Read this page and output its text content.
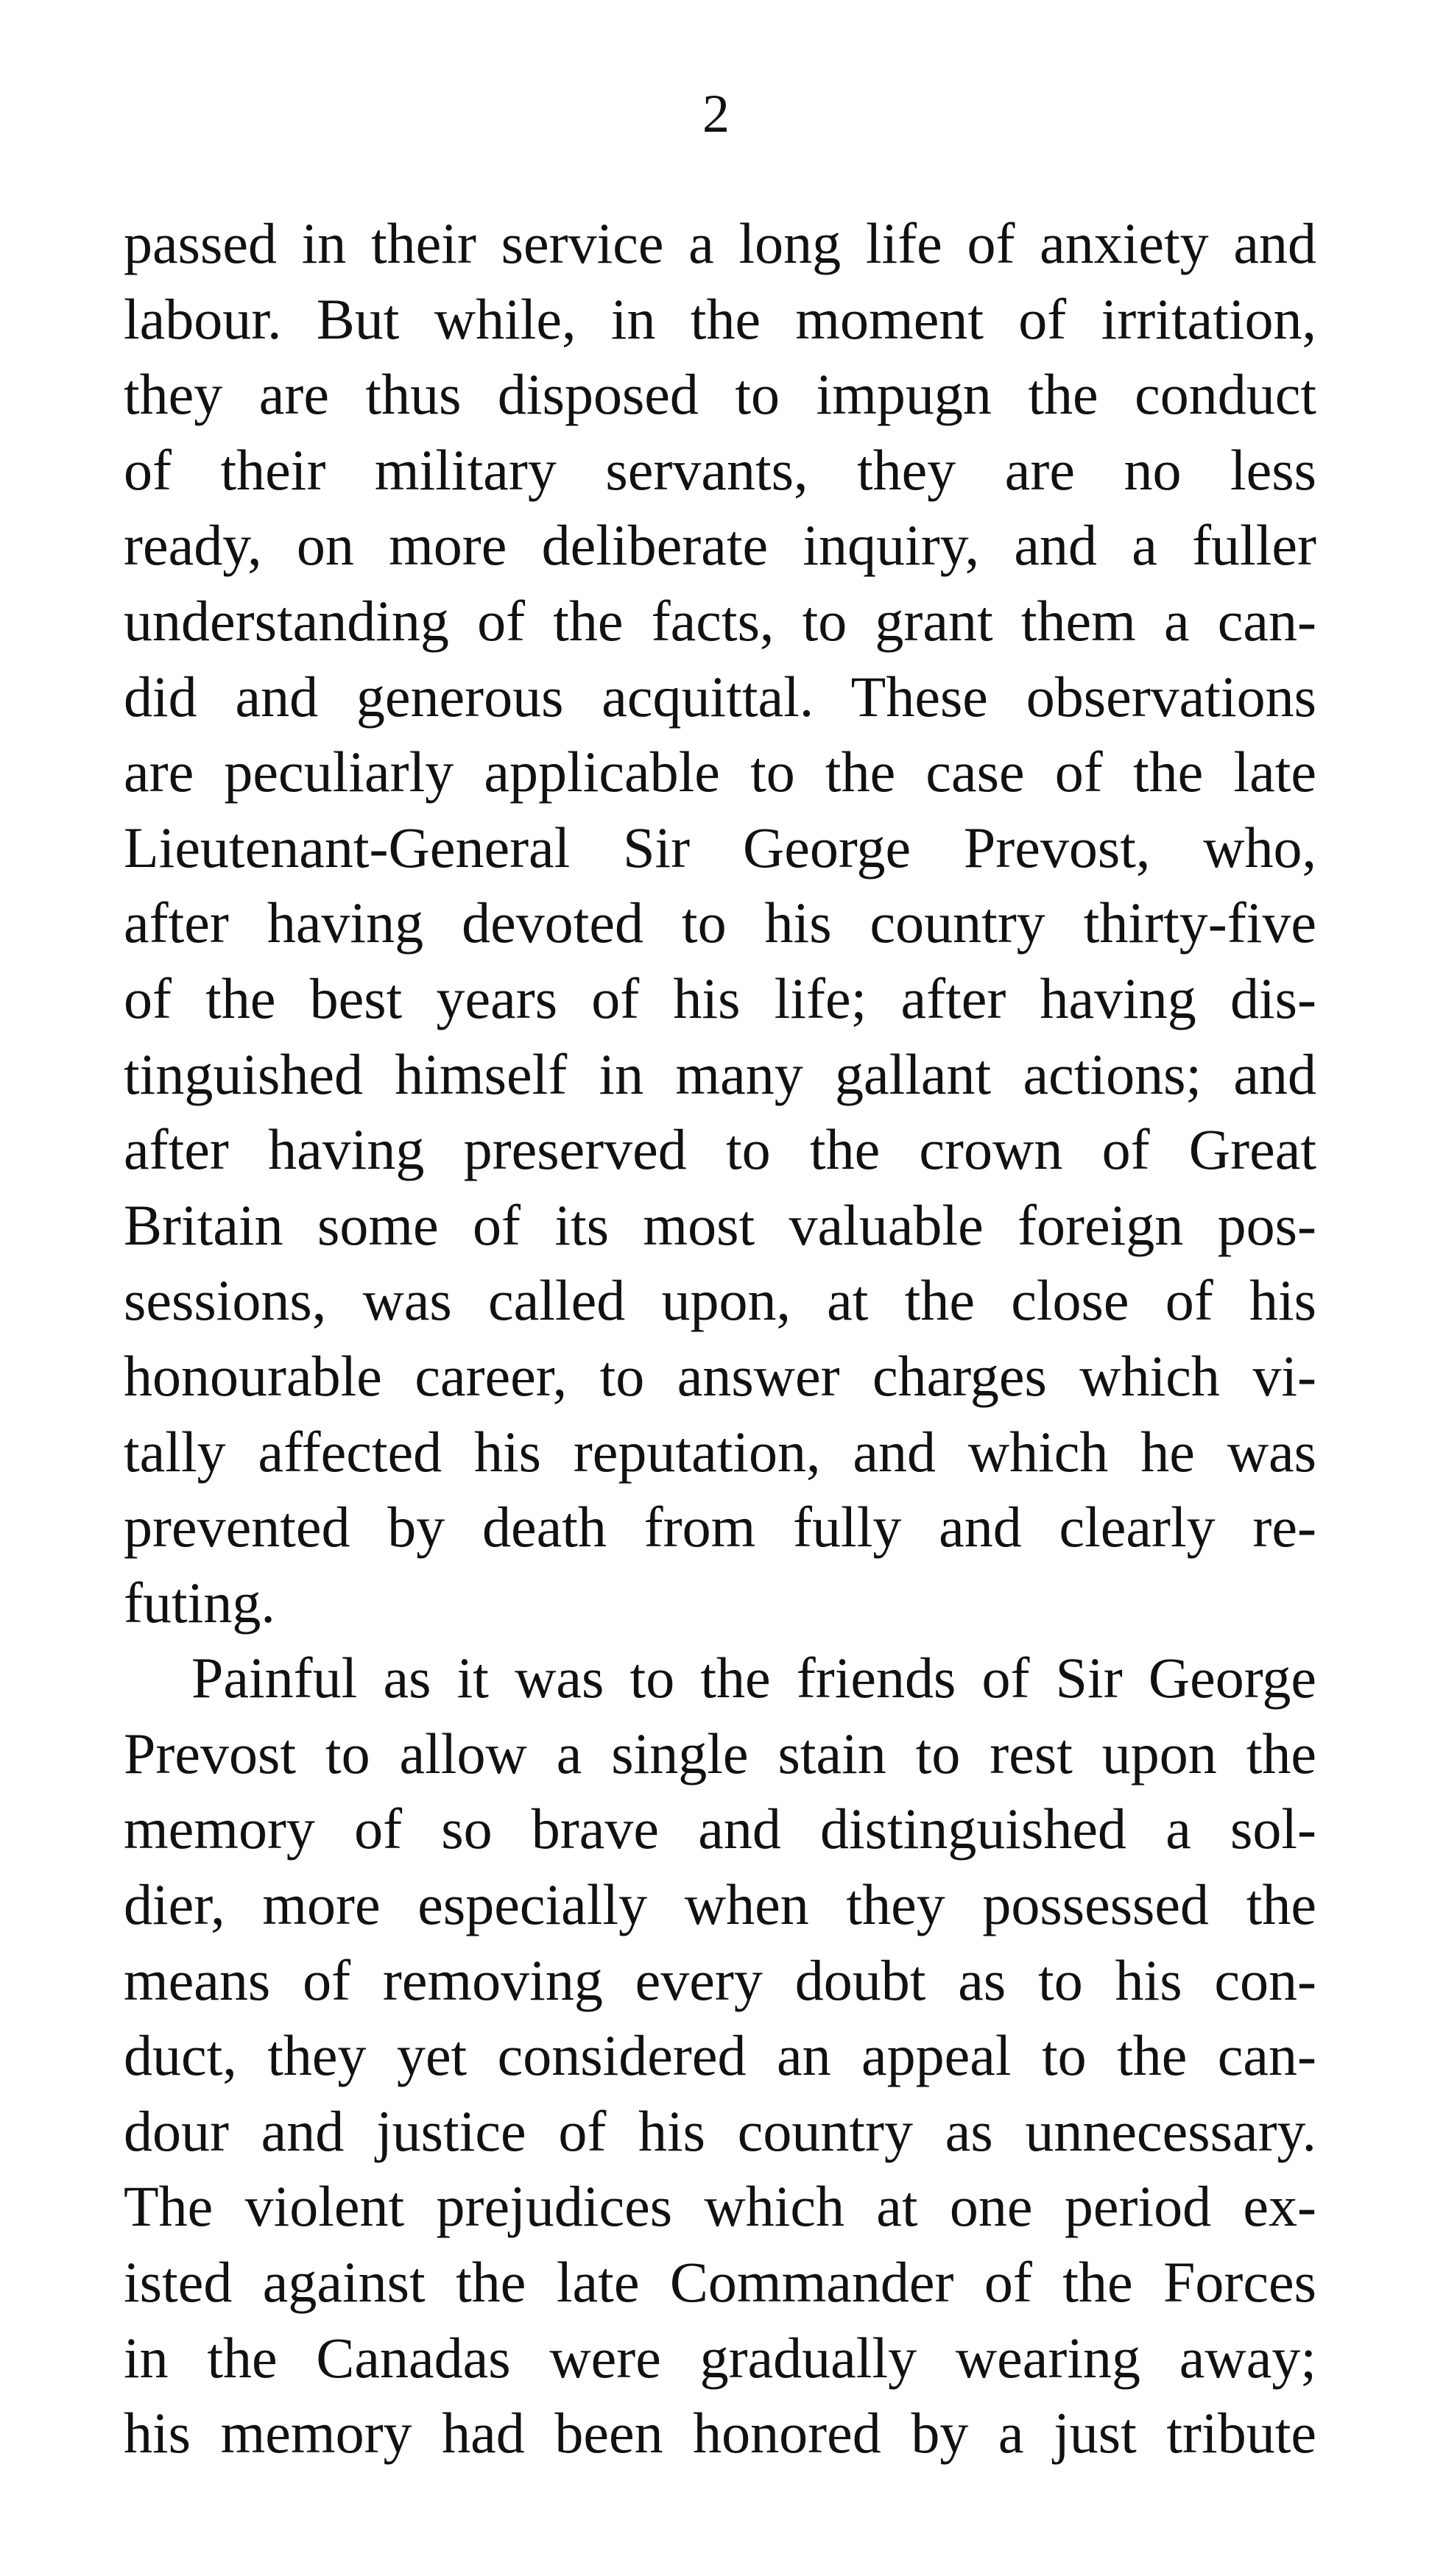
2
passed in their service a long life of anxiety and
labour. But while, in the moment of irritation,
they are thus disposed to impugn the conduct
of their military servants, they are no less
ready, on more deliberate inquiry, and a fuller
understanding of the facts, to grant them a can-
did and generous acquittal. These observations
are peculiarly applicable to the case of the late
Lieutenant-General Sir George Prevost, who,
after having devoted to his country thirty-five
of the best years of his life; after having dis-
tinguished himself in many gallant actions; and
after having preserved to the crown of Great
Britain some of its most valuable foreign pos-
sessions, was called upon, at the close of his
honourable career, to answer charges which vi-
tally affected his reputation, and which he was
prevented by death from fully and clearly re-
futing.
Painful as it was to the friends of Sir George
Prevost to allow a single stain to rest upon the
memory of so brave and distinguished a sol-
dier, more especially when they possessed the
means of removing every doubt as to his con-
duct, they yet considered an appeal to the can-
dour and justice of his country as unnecessary.
The violent prejudices which at one period ex-
isted against the late Commander of the Forces
in the Canadas were gradually wearing away;
his memory had been honored by a just tribute
